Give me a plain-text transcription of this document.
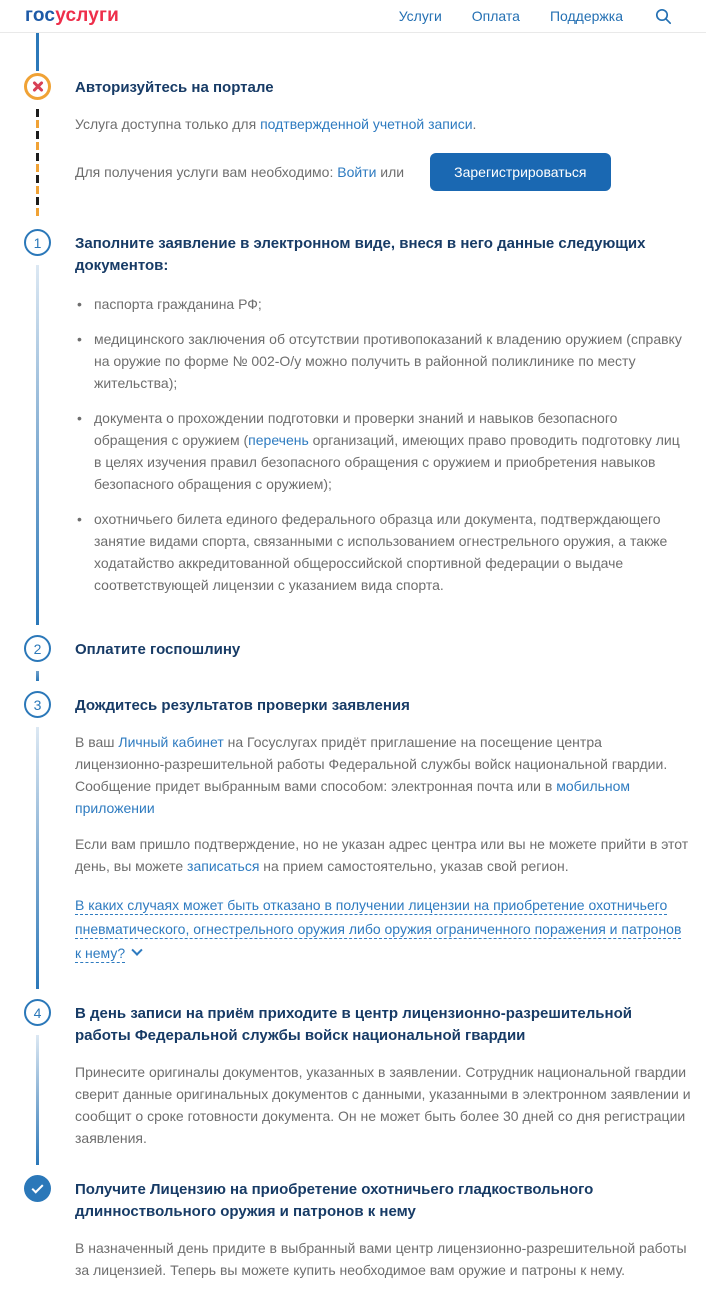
госуслуги	Услуги Оплата Поддержка
Авторизуйтесь на портале

Услуга доступна только для подтвержденной учетной записи.

Для получения услуги вам необходимо: Войти или	Зарегистрироваться
1	Заполните заявление в электронном виде, внеся в него данные следующих документов:
• паспорта гражданина РФ;
• медицинского заключения об отсутствии противопоказаний к владению оружием (справку на оружие по форме № 002-О/у можно получить в районной поликлинике по месту жительства);
• документа о прохождении подготовки и проверки знаний и навыков безопасного обращения с оружием (перечень организаций, имеющих право проводить подготовку лиц в целях изучения правил безопасного обращения с оружием и приобретения навыков безопасного обращения с оружием);
• охотничьего билета единого федерального образца или документа, подтверждающего занятие видами спорта, связанными с использованием огнестрельного оружия, а также ходатайство аккредитованной общероссийской спортивной федерации о выдаче соответствующей лицензии с указанием вида спорта.
2	Оплатите госпошлину
3	Дождитесь результатов проверки заявления

В ваш Личный кабинет на Госуслугах придёт приглашение на посещение центра лицензионно-разрешительной работы Федеральной службы войск национальной гвардии. Сообщение придет выбранным вами способом: электронная почта или в мобильном приложении

Если вам пришло подтверждение, но не указан адрес центра или вы не можете прийти в этот день, вы можете записаться на прием самостоятельно, указав свой регион.

В каких случаях может быть отказано в получении лицензии на приобретение охотничьего пневматического, огнестрельного оружия либо оружия ограниченного поражения и патронов к нему?
4	В день записи на приём приходите в центр лицензионно-разрешительной работы Федеральной службы войск национальной гвардии

Принесите оригиналы документов, указанных в заявлении. Сотрудник национальной гвардии сверит данные оригинальных документов с данными, указанными в электронном заявлении и сообщит о сроке готовности документа. Он не может быть более 30 дней со дня регистрации заявления.

Получите Лицензию на приобретение охотничьего гладкоствольного длинноствольного оружия и патронов к нему

В назначенный день придите в выбранный вами центр лицензионно-разрешительной работы за лицензией. Теперь вы можете купить необходимое вам оружие и патроны к нему.
